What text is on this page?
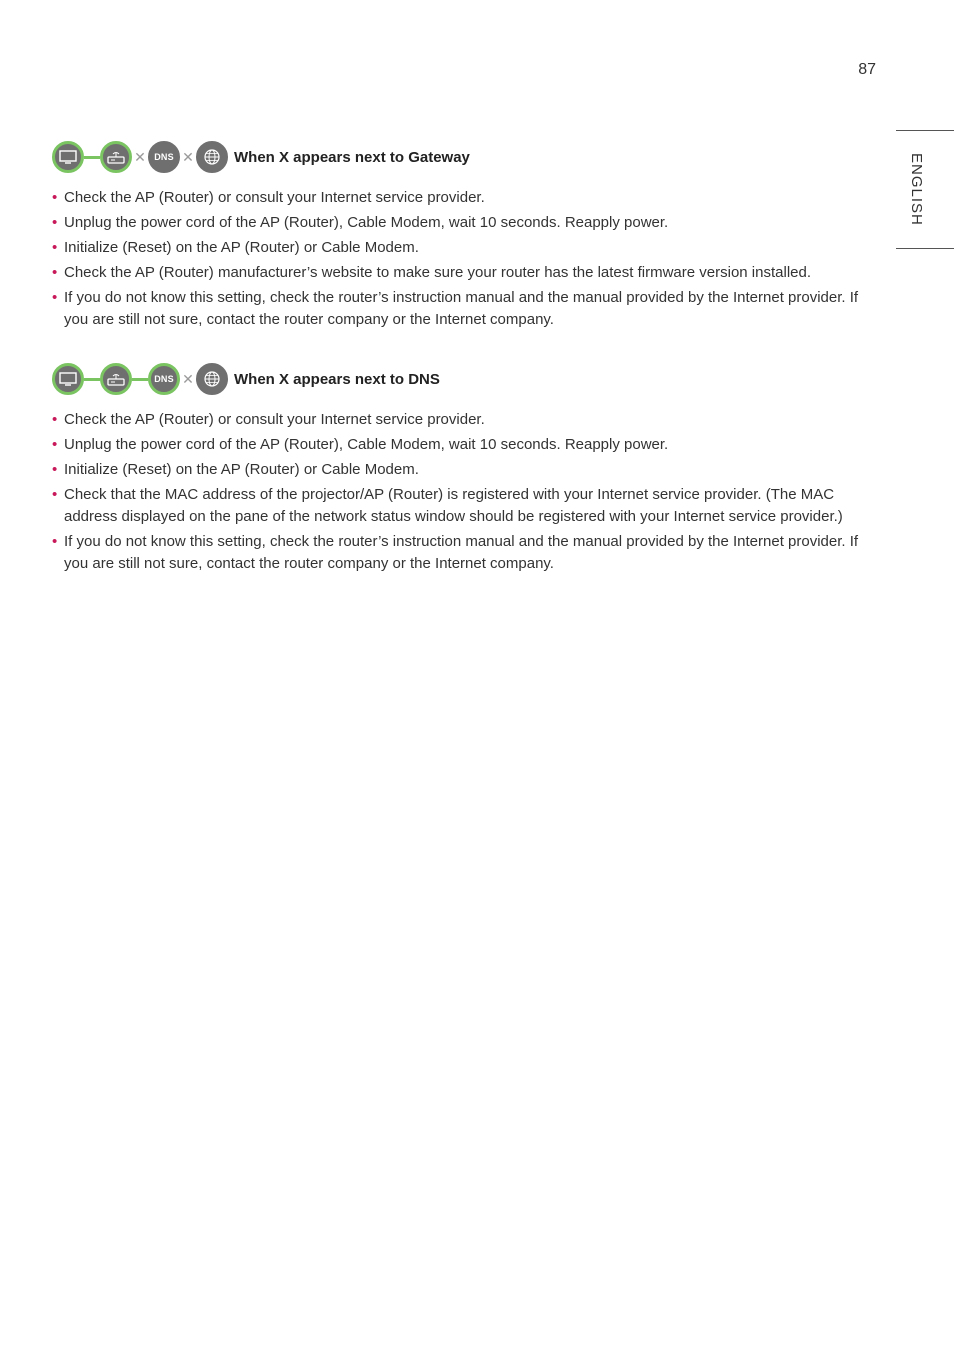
87
ENGLISH
✕ DNS ✕	When X appears next to Gateway
• Check the AP (Router) or consult your Internet service provider.
• Unplug the power cord of the AP (Router), Cable Modem, wait 10 seconds. Reapply power.
• Initialize (Reset) on the AP (Router) or Cable Modem.
• Check the AP (Router) manufacturer’s website to make sure your router has the latest firmware version installed.
• If you do not know this setting, check the router’s instruction manual and the manual provided by the Internet provider. If you are still not sure, contact the router company or the Internet company.
DNS ✕	When X appears next to DNS
• Check the AP (Router) or consult your Internet service provider.
• Unplug the power cord of the AP (Router), Cable Modem, wait 10 seconds. Reapply power.
• Initialize (Reset) on the AP (Router) or Cable Modem.
• Check that the MAC address of the projector/AP (Router) is registered with your Internet service provider. (The MAC address displayed on the pane of the network status window should be registered with your Internet service provider.)
• If you do not know this setting, check the router’s instruction manual and the manual provided by the Internet provider. If you are still not sure, contact the router company or the Internet company.
